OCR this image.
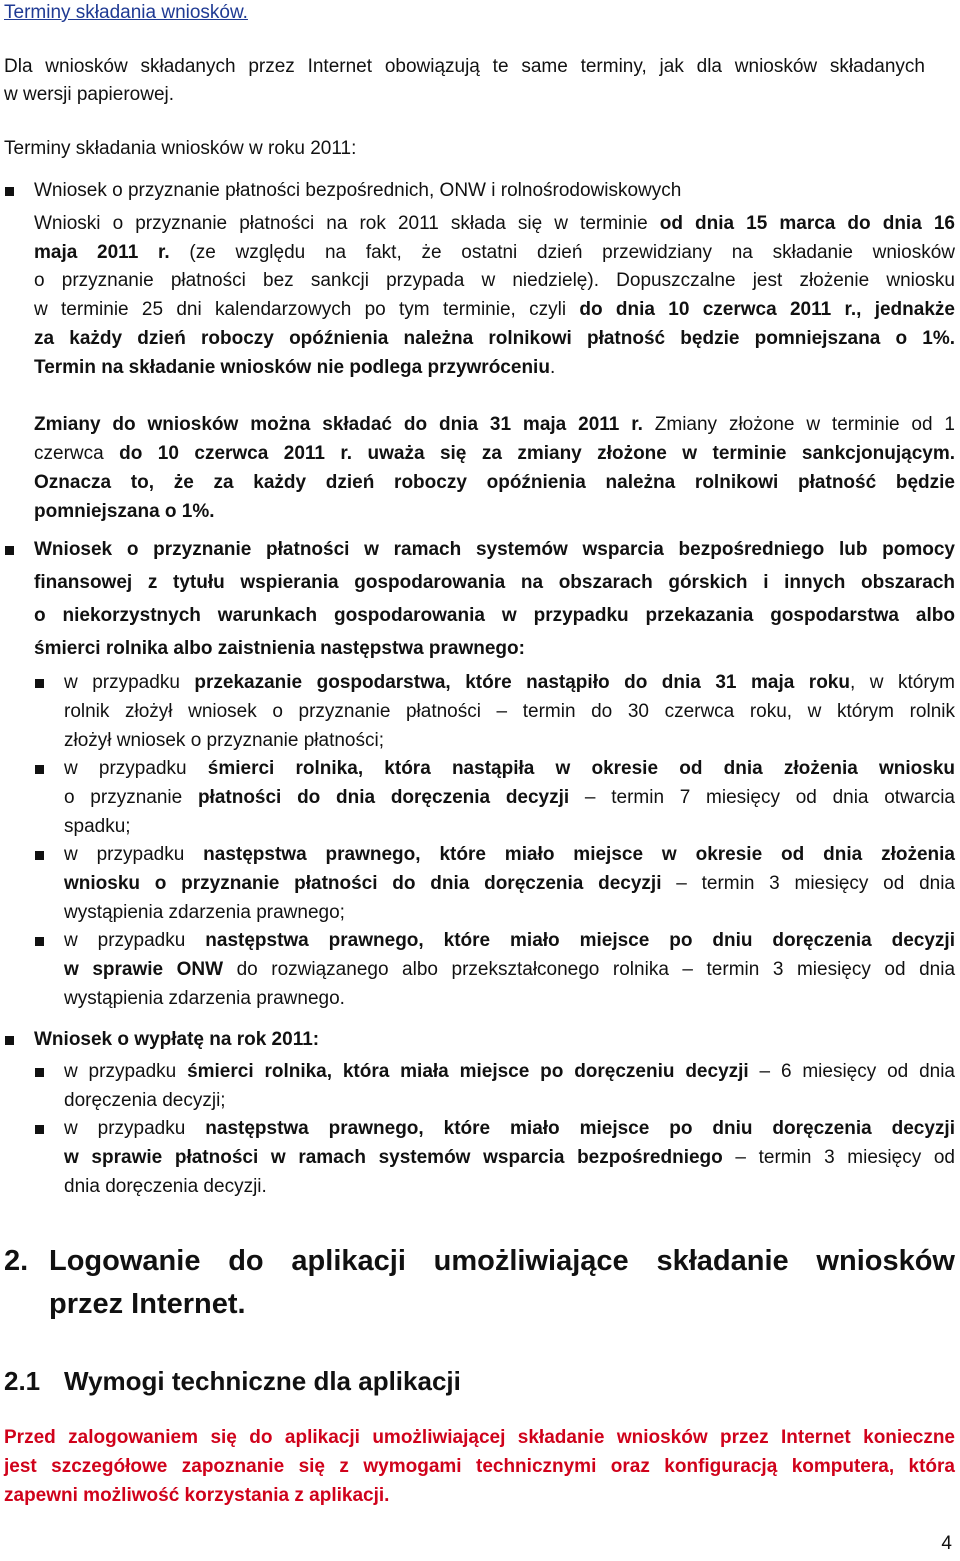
Terminy składania wniosków.
Dla wniosków składanych przez Internet obowiązują te same terminy, jak dla wniosków składanych
w wersji papierowej.
Terminy składania wniosków w roku 2011:
Wniosek o przyznanie płatności bezpośrednich, ONW i rolnośrodowiskowych
Wnioski o przyznanie płatności na rok 2011 składa się w terminie od dnia 15 marca do dnia 16
maja 2011 r. (ze względu na fakt, że ostatni dzień przewidziany na składanie wniosków
o przyznanie płatności bez sankcji przypada w niedzielę). Dopuszczalne jest złożenie wniosku
w terminie 25 dni kalendarzowych po tym terminie, czyli do dnia 10 czerwca 2011 r., jednakże
za każdy dzień roboczy opóźnienia należna rolnikowi płatność będzie pomniejszana o 1%.
Termin na składanie wniosków nie podlega przywróceniu.
Zmiany do wniosków można składać do dnia 31 maja 2011 r. Zmiany złożone w terminie od 1
czerwca do 10 czerwca 2011 r. uważa się za zmiany złożone w terminie sankcjonującym.
Oznacza to, że za każdy dzień roboczy opóźnienia należna rolnikowi płatność będzie
pomniejszana o 1%.
Wniosek o przyznanie płatności w ramach systemów wsparcia bezpośredniego lub pomocy
finansowej z tytułu wspierania gospodarowania na obszarach górskich i innych obszarach
o niekorzystnych warunkach gospodarowania w przypadku przekazania gospodarstwa albo
śmierci rolnika albo zaistnienia następstwa prawnego:
w przypadku przekazanie gospodarstwa, które nastąpiło do dnia 31 maja roku, w którym
rolnik złożył wniosek o przyznanie płatności – termin do 30 czerwca roku, w którym rolnik
złożył wniosek o przyznanie płatności;
w przypadku śmierci rolnika, która nastąpiła w okresie od dnia złożenia wniosku
o przyznanie płatności do dnia doręczenia decyzji – termin 7 miesięcy od dnia otwarcia
spadku;
w przypadku następstwa prawnego, które miało miejsce w okresie od dnia złożenia
wniosku o przyznanie płatności do dnia doręczenia decyzji – termin 3 miesięcy od dnia
wystąpienia zdarzenia prawnego;
w przypadku następstwa prawnego, które miało miejsce po dniu doręczenia decyzji
w sprawie ONW do rozwiązanego albo przekształconego rolnika – termin 3 miesięcy od dnia
wystąpienia zdarzenia prawnego.
Wniosek o wypłatę na rok 2011:
w przypadku śmierci rolnika, która miała miejsce po doręczeniu decyzji – 6 miesięcy od dnia
doręczenia decyzji;
w przypadku następstwa prawnego, które miało miejsce po dniu doręczenia decyzji
w sprawie płatności w ramach systemów wsparcia bezpośredniego – termin 3 miesięcy od
dnia doręczenia decyzji.
2. Logowanie do aplikacji umożliwiające składanie wniosków
przez Internet.
2.1 Wymogi techniczne dla aplikacji
Przed zalogowaniem się do aplikacji umożliwiającej składanie wniosków przez Internet konieczne
jest szczegółowe zapoznanie się z wymogami technicznymi oraz konfiguracją komputera, która
zapewni możliwość korzystania z aplikacji.
4
